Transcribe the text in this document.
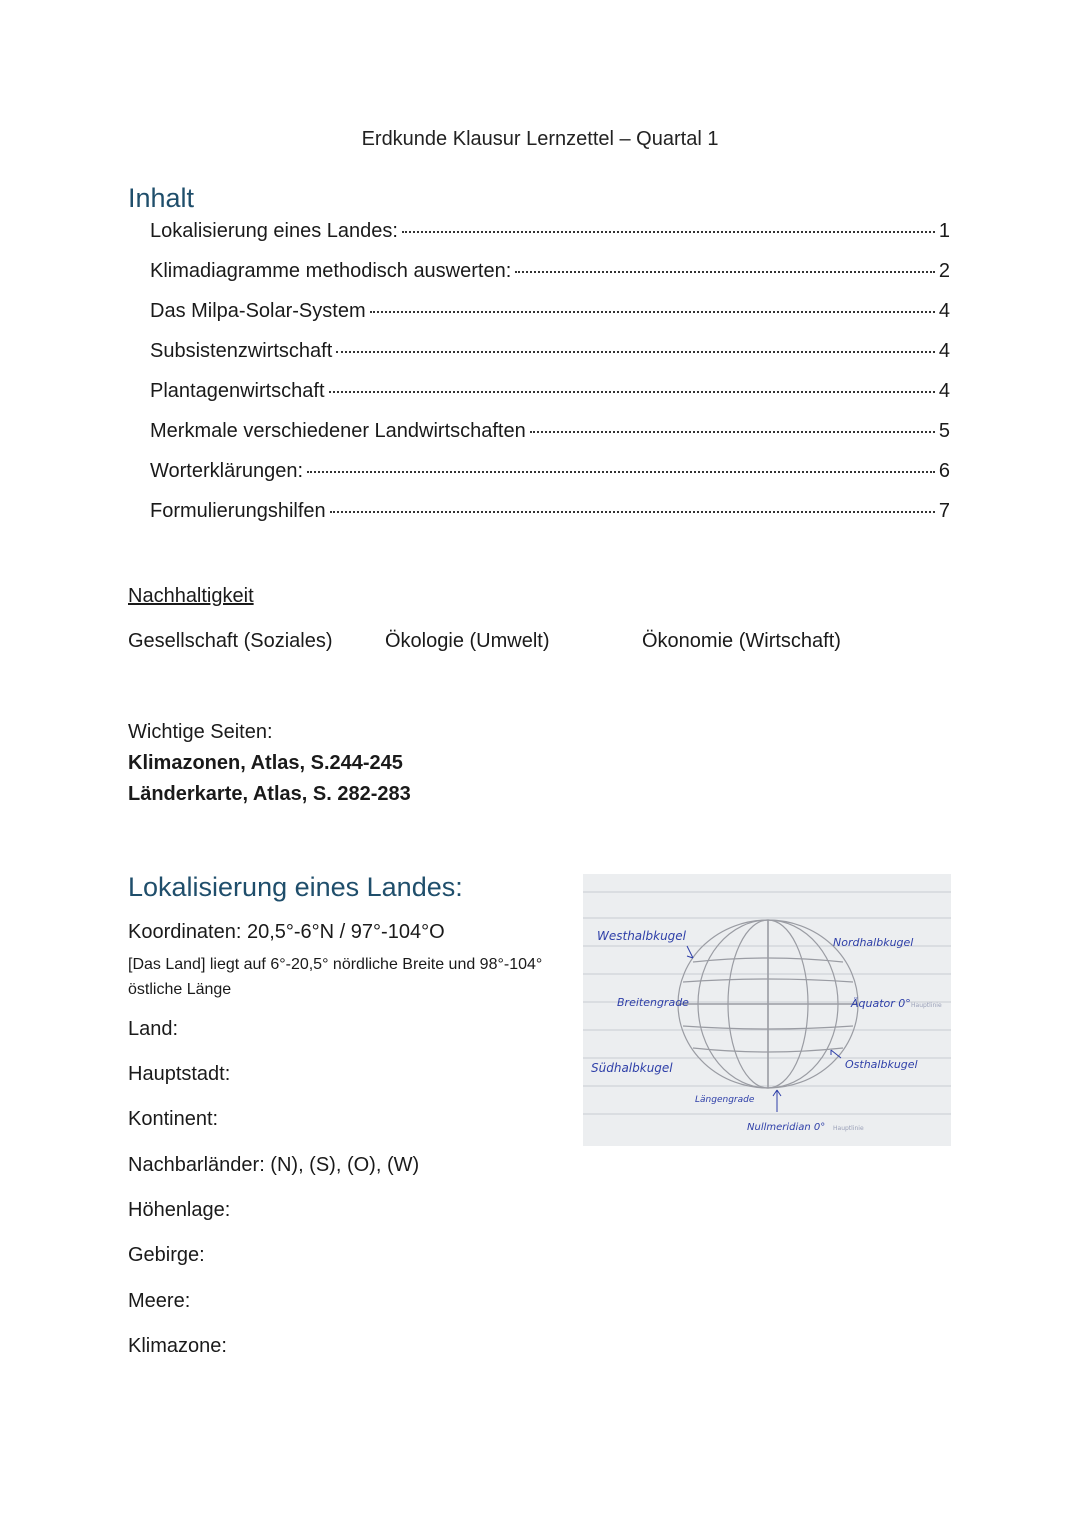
Erdkunde Klausur Lernzettel – Quartal 1
Inhalt
Lokalisierung eines Landes:	1
Klimadiagramme methodisch auswerten:	2
Das Milpa-Solar-System	4
Subsistenzwirtschaft	4
Plantagenwirtschaft	4
Merkmale verschiedener Landwirtschaften	5
Worterklärungen:	6
Formulierungshilfen	7
Nachhaltigkeit
Gesellschaft (Soziales)	Ökologie (Umwelt)	Ökonomie (Wirtschaft)
Wichtige Seiten:
Klimazonen, Atlas, S.244-245
Länderkarte, Atlas, S. 282-283
Lokalisierung eines Landes:
Koordinaten: 20,5°-6°N / 97°-104°O
[Das Land] liegt auf 6°-20,5° nördliche Breite und 98°-104° östliche Länge
Land:
Hauptstadt:
Kontinent:
Nachbarländer: (N), (S), (O), (W)
Höhenlage:
Gebirge:
Meere:
Klimazone:
Westhalbkugel	Nordhalbkugel
Breitengrade	Äquator 0° Hauptlinie
Südhalbkugel	Osthalbkugel
Längengrade
Nullmeridian 0° Hauptlinie
